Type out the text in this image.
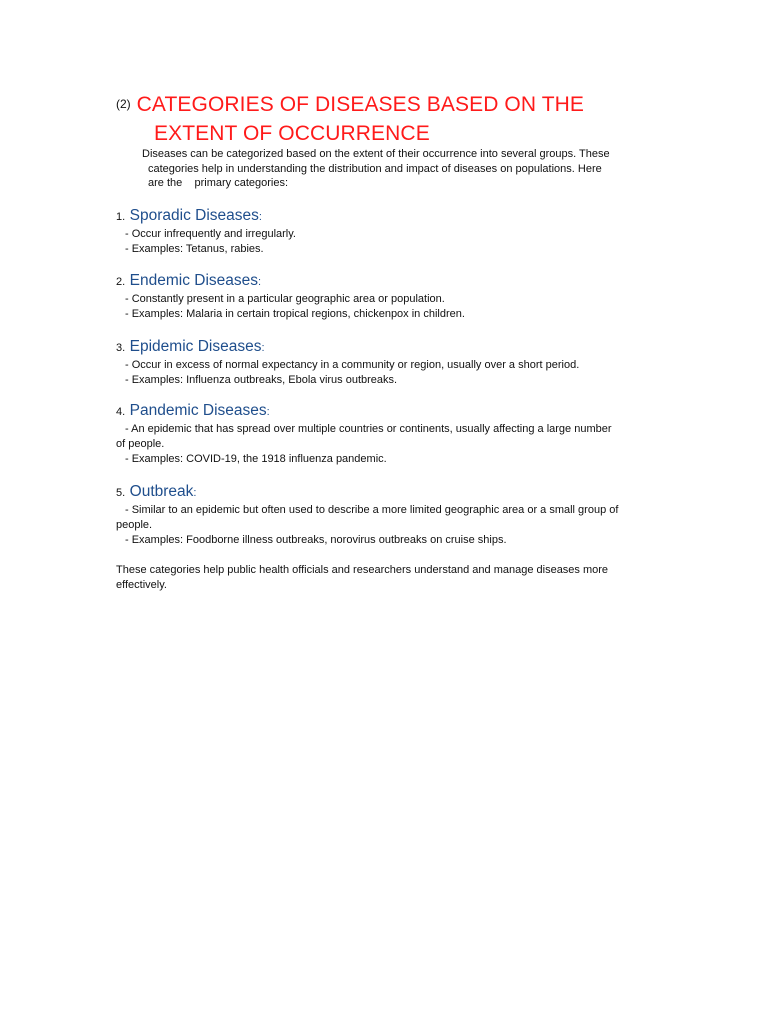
(2) CATEGORIES OF DISEASES BASED ON THE
EXTENT OF OCCURRENCE
Diseases can be categorized based on the extent of their occurrence into several groups. These
categories help in understanding the distribution and impact of diseases on populations. Here
are the    primary categories:
1. Sporadic Diseases:
- Occur infrequently and irregularly.
- Examples: Tetanus, rabies.
2. Endemic Diseases:
- Constantly present in a particular geographic area or population.
- Examples: Malaria in certain tropical regions, chickenpox in children.
3. Epidemic Diseases:
- Occur in excess of normal expectancy in a community or region, usually over a short period.
- Examples: Influenza outbreaks, Ebola virus outbreaks.
4. Pandemic Diseases:
- An epidemic that has spread over multiple countries or continents, usually affecting a large number of people.
- Examples: COVID-19, the 1918 influenza pandemic.
5. Outbreak:
- Similar to an epidemic but often used to describe a more limited geographic area or a small group of people.
- Examples: Foodborne illness outbreaks, norovirus outbreaks on cruise ships.
These categories help public health officials and researchers understand and manage diseases more effectively.
